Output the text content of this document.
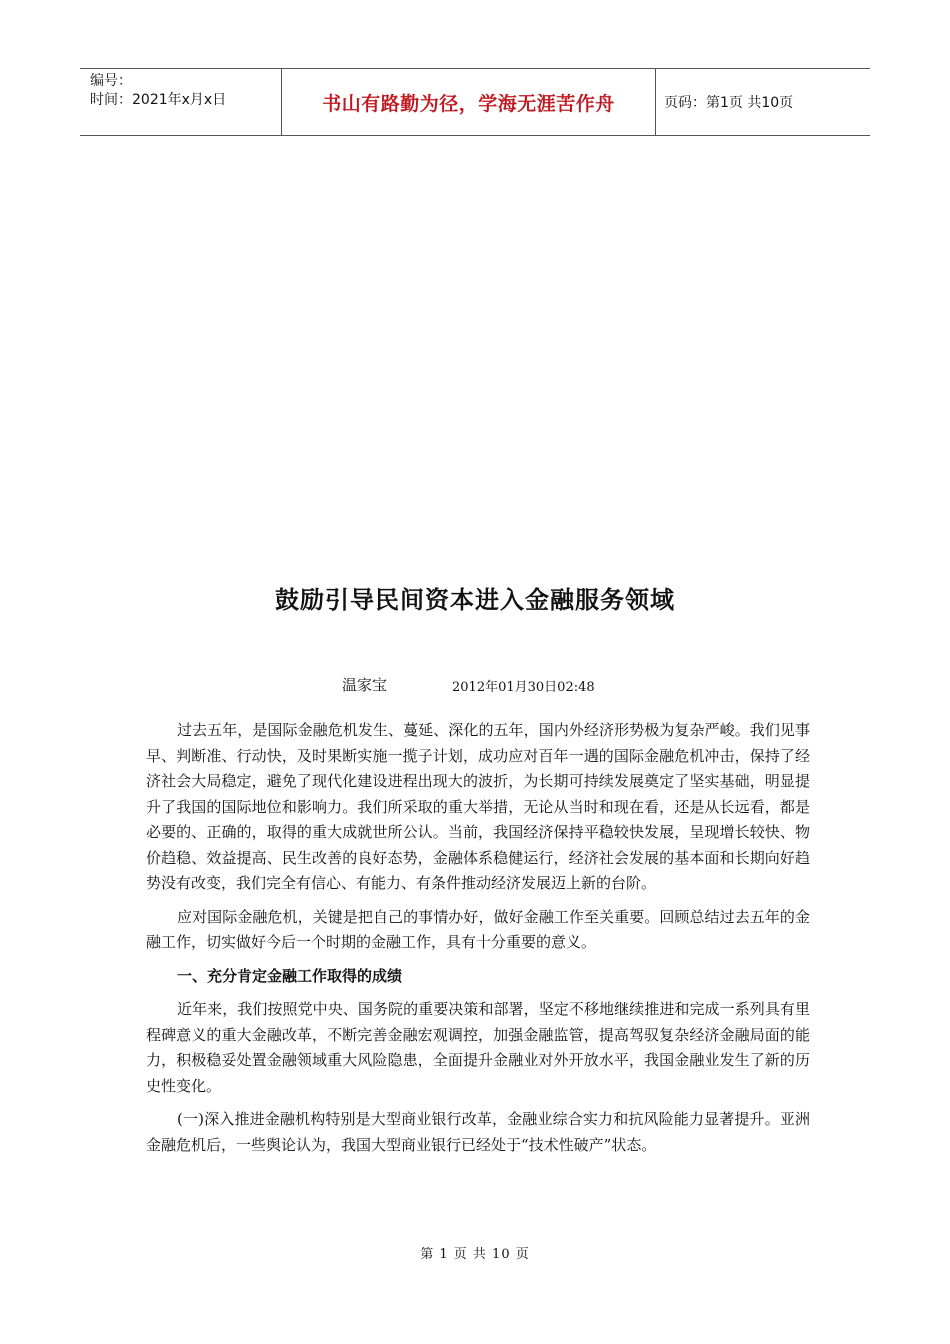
编号：
时间：2021年x月x日	书山有路勤为径，学海无涯苦作舟	页码：第1页 共10页
鼓励引导民间资本进入金融服务领域
温家宝	2012年01月30日02:48

过去五年，是国际金融危机发生、蔓延、深化的五年，国内外经济形势极为复杂严峻。我们见事早、判断准、行动快，及时果断实施一揽子计划，成功应对百年一遇的国际金融危机冲击，保持了经济社会大局稳定，避免了现代化建设进程出现大的波折，为长期可持续发展奠定了坚实基础，明显提升了我国的国际地位和影响力。我们所采取的重大举措，无论从当时和现在看，还是从长远看，都是必要的、正确的，取得的重大成就世所公认。当前，我国经济保持平稳较快发展，呈现增长较快、物价趋稳、效益提高、民生改善的良好态势，金融体系稳健运行，经济社会发展的基本面和长期向好趋势没有改变，我们完全有信心、有能力、有条件推动经济发展迈上新的台阶。

应对国际金融危机，关键是把自己的事情办好，做好金融工作至关重要。回顾总结过去五年的金融工作，切实做好今后一个时期的金融工作，具有十分重要的意义。

一、充分肯定金融工作取得的成绩

近年来，我们按照党中央、国务院的重要决策和部署，坚定不移地继续推进和完成一系列具有里程碑意义的重大金融改革，不断完善金融宏观调控，加强金融监管，提高驾驭复杂经济金融局面的能力，积极稳妥处置金融领域重大风险隐患，全面提升金融业对外开放水平，我国金融业发生了新的历史性变化。

(一)深入推进金融机构特别是大型商业银行改革，金融业综合实力和抗风险能力显著提升。亚洲金融危机后，一些舆论认为，我国大型商业银行已经处于“技术性破产”状态。

第 1 页 共 10 页
